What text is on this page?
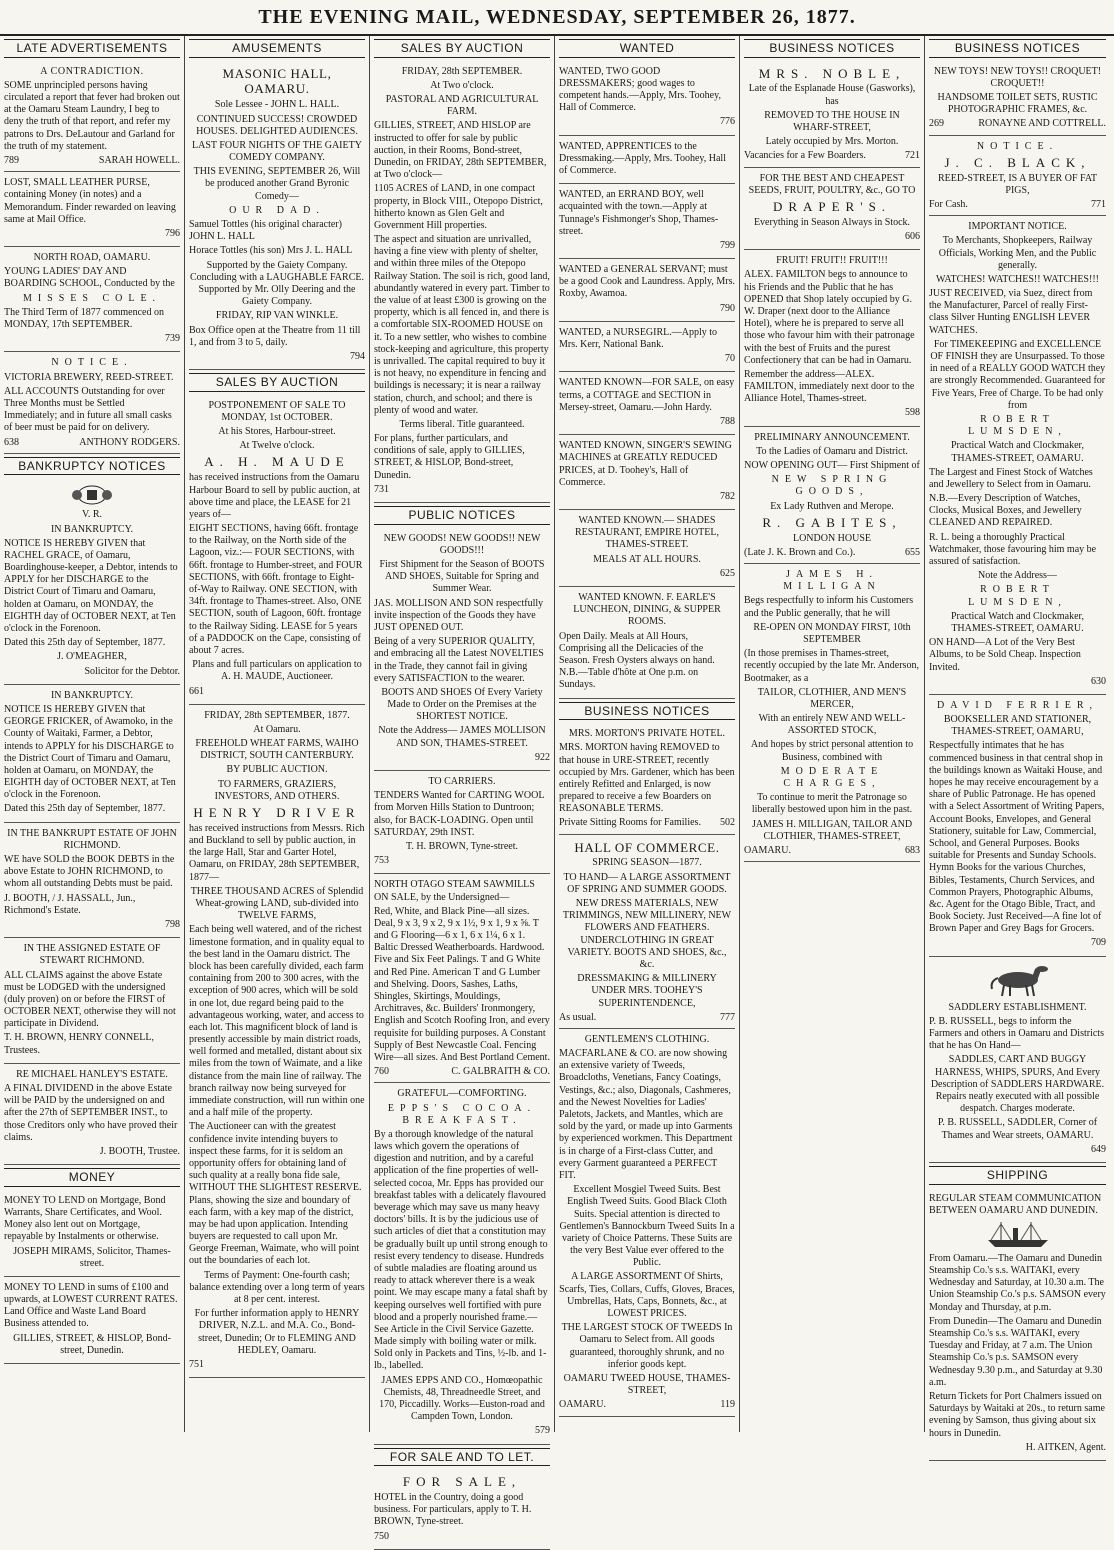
THE EVENING MAIL, WEDNESDAY, SEPTEMBER 26, 1877.
LATE ADVERTISEMENTS

A CONTRADICTION.

SOME unprincipled persons having circulated a report that fever had broken out at the Oamaru Steam Laundry, I beg to deny the truth of that report, and refer my patrons to Drs. DeLautour and Garland for the truth of my statement.

789	SARAH HOWELL.

LOST, SMALL LEATHER PURSE, containing Money (in notes) and a Memorandum. Finder rewarded on leaving same at Mail Office.

796

NORTH ROAD, OAMARU.

YOUNG LADIES' DAY AND BOARDING SCHOOL, Conducted by the

MISSES COLE.

The Third Term of 1877 commenced on MONDAY, 17th SEPTEMBER.

739

NOTICE.

VICTORIA BREWERY, REED-STREET.

ALL ACCOUNTS Outstanding for over Three Months must be Settled Immediately; and in future all small casks of beer must be paid for on delivery.

638	ANTHONY RODGERS.
BANKRUPTCY NOTICES

V. R.

IN BANKRUPTCY.

NOTICE IS HEREBY GIVEN that RACHEL GRACE, of Oamaru, Boardinghouse-keeper, a Debtor, intends to APPLY for her DISCHARGE to the District Court of Timaru and Oamaru, holden at Oamaru, on MONDAY, the EIGHTH day of OCTOBER NEXT, at Ten o'clock in the Forenoon.

Dated this 25th day of September, 1877.

J. O'MEAGHER,

Solicitor for the Debtor.

IN BANKRUPTCY.

NOTICE IS HEREBY GIVEN that GEORGE FRICKER, of Awamoko, in the County of Waitaki, Farmer, a Debtor, intends to APPLY for his DISCHARGE to the District Court of Timaru and Oamaru, holden at Oamaru, on MONDAY, the EIGHTH day of OCTOBER NEXT, at Ten o'clock in the Forenoon.

Dated this 25th day of September, 1877.

IN THE BANKRUPT ESTATE OF JOHN RICHMOND.

WE have SOLD the BOOK DEBTS in the above Estate to JOHN RICHMOND, to whom all outstanding Debts must be paid.

J. BOOTH, / J. HASSALL, Jun., Richmond's Estate.

798

IN THE ASSIGNED ESTATE OF STEWART RICHMOND.

ALL CLAIMS against the above Estate must be LODGED with the undersigned (duly proven) on or before the FIRST of OCTOBER NEXT, otherwise they will not participate in Dividend.

T. H. BROWN, HENRY CONNELL, Trustees.

RE MICHAEL HANLEY'S ESTATE.

A FINAL DIVIDEND in the above Estate will be PAID by the undersigned on and after the 27th of SEPTEMBER INST., to those Creditors only who have proved their claims.

J. BOOTH, Trustee.

MONEY

MONEY TO LEND on Mortgage, Bond Warrants, Share Certificates, and Wool. Money also lent out on Mortgage, repayable by Instalments or otherwise.

JOSEPH MIRAMS, Solicitor, Thames-street.

MONEY TO LEND in sums of £100 and upwards, at LOWEST CURRENT RATES. Land Office and Waste Land Board Business attended to.

GILLIES, STREET, & HISLOP, Bond-street, Dunedin.

AMUSEMENTS

MASONIC HALL, OAMARU.

Sole Lessee - JOHN L. HALL.

CONTINUED SUCCESS! CROWDED HOUSES. DELIGHTED AUDIENCES.

LAST FOUR NIGHTS OF THE GAIETY COMEDY COMPANY.

THIS EVENING, SEPTEMBER 26, Will be produced another Grand Byronic Comedy—

OUR DAD.

Samuel Tottles (his original character) JOHN L. HALL

Horace Tottles (his son) Mrs J. L. HALL

Supported by the Gaiety Company. Concluding with a LAUGHABLE FARCE. Supported by Mr. Olly Deering and the Gaiety Company.

FRIDAY, RIP VAN WINKLE.

Box Office open at the Theatre from 11 till 1, and from 3 to 5, daily.

794

SALES BY AUCTION

POSTPONEMENT OF SALE TO MONDAY, 1st OCTOBER.

At his Stores, Harbour-street.

At Twelve o'clock.

A. H. MAUDE

has received instructions from the Oamaru Harbour Board to sell by public auction, at above time and place, the LEASE for 21 years of—

EIGHT SECTIONS, having 66ft. frontage to the Railway, on the North side of the Lagoon, viz.:— FOUR SECTIONS, with 66ft. frontage to Humber-street, and FOUR SECTIONS, with 66ft. frontage to Eight-of-Way to Railway. ONE SECTION, with 34ft. frontage to Thames-street. Also, ONE SECTION, south of Lagoon, 60ft. frontage to the Railway Siding. LEASE for 5 years of a PADDOCK on the Cape, consisting of about 7 acres.

Plans and full particulars on application to A. H. MAUDE, Auctioneer.

661

FRIDAY, 28th SEPTEMBER, 1877.

At Oamaru.

FREEHOLD WHEAT FARMS, WAIHO DISTRICT, SOUTH CANTERBURY.

BY PUBLIC AUCTION.

TO FARMERS, GRAZIERS, INVESTORS, AND OTHERS.

HENRY DRIVER

has received instructions from Messrs. Rich and Buckland to sell by public auction, in the large Hall, Star and Garter Hotel, Oamaru, on FRIDAY, 28th SEPTEMBER, 1877—

THREE THOUSAND ACRES of Splendid Wheat-growing LAND, sub-divided into TWELVE FARMS,

Each being well watered, and of the richest limestone formation, and in quality equal to the best land in the Oamaru district. The block has been carefully divided, each farm containing from 200 to 300 acres, with the exception of 900 acres, which will be sold in one lot, due regard being paid to the advantageous working, water, and access to each lot. This magnificent block of land is presently accessible by main district roads, well formed and metalled, distant about six miles from the town of Waimate, and a like distance from the main line of railway. The branch railway now being surveyed for immediate construction, will run within one and a half mile of the property.

The Auctioneer can with the greatest confidence invite intending buyers to inspect these farms, for it is seldom an opportunity offers for obtaining land of such quality at a really bona fide sale, WITHOUT THE SLIGHTEST RESERVE. Plans, showing the size and boundary of each farm, with a key map of the district, may be had upon application. Intending buyers are requested to call upon Mr. George Freeman, Waimate, who will point out the boundaries of each lot.

Terms of Payment: One-fourth cash; balance extending over a long term of years at 8 per cent. interest.

For further information apply to HENRY DRIVER, N.Z.L. and M.A. Co., Bond-street, Dunedin; Or to FLEMING AND HEDLEY, Oamaru.

751

SALES BY AUCTION

FRIDAY, 28th SEPTEMBER.

At Two o'clock.

PASTORAL AND AGRICULTURAL FARM.

GILLIES, STREET, AND HISLOP are instructed to offer for sale by public auction, in their Rooms, Bond-street, Dunedin, on FRIDAY, 28th SEPTEMBER, at Two o'clock—

1105 ACRES of LAND, in one compact property, in Block VIII., Otepopo District, hitherto known as Glen Gelt and Government Hill properties.

The aspect and situation are unrivalled, having a fine view with plenty of shelter, and within three miles of the Otepopo Railway Station. The soil is rich, good land, abundantly watered in every part. Timber to the value of at least £300 is growing on the property, which is all fenced in, and there is a comfortable SIX-ROOMED HOUSE on it. To a new settler, who wishes to combine stock-keeping and agriculture, this property is unrivalled. The capital required to buy it is not heavy, no expenditure in fencing and buildings is necessary; it is near a railway station, church, and school; and there is plenty of wood and water.

Terms liberal. Title guaranteed.

For plans, further particulars, and conditions of sale, apply to GILLIES, STREET, & HISLOP, Bond-street, Dunedin.

731

PUBLIC NOTICES

NEW GOODS! NEW GOODS!! NEW GOODS!!!

First Shipment for the Season of BOOTS AND SHOES, Suitable for Spring and Summer Wear.

JAS. MOLLISON AND SON respectfully invite inspection of the Goods they have JUST OPENED OUT.

Being of a very SUPERIOR QUALITY, and embracing all the Latest NOVELTIES in the Trade, they cannot fail in giving every SATISFACTION to the wearer.

BOOTS AND SHOES Of Every Variety Made to Order on the Premises at the SHORTEST NOTICE.

Note the Address— JAMES MOLLISON AND SON, THAMES-STREET.

922

TO CARRIERS.

TENDERS Wanted for CARTING WOOL from Morven Hills Station to Duntroon; also, for BACK-LOADING. Open until SATURDAY, 29th INST.

T. H. BROWN, Tyne-street.

753

NORTH OTAGO STEAM SAWMILLS ON SALE, by the Undersigned—

Red, White, and Black Pine—all sizes. Deal, 9 x 3, 9 x 2, 9 x 1½, 9 x 1, 9 x ⅝. T and G Flooring—6 x 1, 6 x 1¼, 6 x 1. Baltic Dressed Weatherboards. Hardwood. Five and Six Feet Palings. T and G White and Red Pine. American T and G Lumber and Shelving. Doors, Sashes, Laths, Shingles, Skirtings, Mouldings, Architraves, &c. Builders' Ironmongery, English and Scotch Roofing Iron, and every requisite for building purposes. A Constant Supply of Best Newcastle Coal. Fencing Wire—all sizes. And Best Portland Cement.

760	C. GALBRAITH & CO.

GRATEFUL—COMFORTING.

EPPS'S COCOA. BREAKFAST.

By a thorough knowledge of the natural laws which govern the operations of digestion and nutrition, and by a careful application of the fine properties of well-selected cocoa, Mr. Epps has provided our breakfast tables with a delicately flavoured beverage which may save us many heavy doctors' bills. It is by the judicious use of such articles of diet that a constitution may be gradually built up until strong enough to resist every tendency to disease. Hundreds of subtle maladies are floating around us ready to attack wherever there is a weak point. We may escape many a fatal shaft by keeping ourselves well fortified with pure blood and a properly nourished frame.—See Article in the Civil Service Gazette. Made simply with boiling water or milk. Sold only in Packets and Tins, ½-lb. and 1-lb., labelled.

JAMES EPPS AND CO., Homœopathic Chemists, 48, Threadneedle Street, and 170, Piccadilly. Works—Euston-road and Campden Town, London.

579

FOR SALE AND TO LET.

FOR SALE,

HOTEL in the Country, doing a good business. For particulars, apply to T. H. BROWN, Tyne-street.

750

WANTED

WANTED, TWO GOOD DRESSMAKERS; good wages to competent hands.—Apply, Mrs. Toohey, Hall of Commerce.

776

WANTED, APPRENTICES to the Dressmaking.—Apply, Mrs. Toohey, Hall of Commerce.

WANTED, an ERRAND BOY, well acquainted with the town.—Apply at Tunnage's Fishmonger's Shop, Thames-street.

799

WANTED a GENERAL SERVANT; must be a good Cook and Laundress. Apply, Mrs. Roxby, Awamoa.

790

WANTED, a NURSEGIRL.—Apply to Mrs. Kerr, National Bank.

70

WANTED KNOWN—FOR SALE, on easy terms, a COTTAGE and SECTION in Mersey-street, Oamaru.—John Hardy.

788

WANTED KNOWN, SINGER'S SEWING MACHINES at GREATLY REDUCED PRICES, at D. Toohey's, Hall of Commerce.

782

WANTED KNOWN.— SHADES RESTAURANT, EMPIRE HOTEL, THAMES-STREET.

MEALS AT ALL HOURS.

625

WANTED KNOWN. F. EARLE'S LUNCHEON, DINING, & SUPPER ROOMS.

Open Daily. Meals at All Hours, Comprising all the Delicacies of the Season. Fresh Oysters always on hand. N.B.—Table d'hôte at One p.m. on Sundays.

BUSINESS NOTICES

MRS. MORTON'S PRIVATE HOTEL.

MRS. MORTON having REMOVED to that house in URE-STREET, recently occupied by Mrs. Gardener, which has been entirely Refitted and Enlarged, is now prepared to receive a few Boarders on REASONABLE TERMS.

Private Sitting Rooms for Families. 502

HALL OF COMMERCE.

SPRING SEASON—1877.

TO HAND— A LARGE ASSORTMENT OF SPRING AND SUMMER GOODS.

NEW DRESS MATERIALS, NEW TRIMMINGS, NEW MILLINERY, NEW FLOWERS AND FEATHERS. UNDERCLOTHING IN GREAT VARIETY. BOOTS AND SHOES, &c., &c.

DRESSMAKING & MILLINERY UNDER MRS. TOOHEY'S SUPERINTENDENCE,

As usual.	777

GENTLEMEN'S CLOTHING.

MACFARLANE & CO. are now showing an extensive variety of Tweeds, Broadcloths, Venetians, Fancy Coatings, Vestings, &c.; also, Diagonals, Cashmeres, and the Newest Novelties for Ladies' Paletots, Jackets, and Mantles, which are sold by the yard, or made up into Garments by experienced workmen. This Department is in charge of a First-class Cutter, and every Garment guaranteed a PERFECT FIT.

Excellent Mosgiel Tweed Suits. Best English Tweed Suits. Good Black Cloth Suits. Special attention is directed to Gentlemen's Bannockburn Tweed Suits In a variety of Choice Patterns. These Suits are the very Best Value ever offered to the Public.

A LARGE ASSORTMENT Of Shirts, Scarfs, Ties, Collars, Cuffs, Gloves, Braces, Umbrellas, Hats, Caps, Bonnets, &c., at LOWEST PRICES.

THE LARGEST STOCK OF TWEEDS In Oamaru to Select from. All goods guaranteed, thoroughly shrunk, and no inferior goods kept.

OAMARU TWEED HOUSE, THAMES-STREET,

OAMARU.	119
BUSINESS NOTICES

MRS. NOBLE,

Late of the Esplanade House (Gasworks), has

REMOVED TO THE HOUSE IN WHARF-STREET,

Lately occupied by Mrs. Morton.

Vacancies for a Few Boarders.	721

FOR THE BEST AND CHEAPEST SEEDS, FRUIT, POULTRY, &c., GO TO

DRAPER'S.

Everything in Season Always in Stock.

606

FRUIT! FRUIT!! FRUIT!!!

ALEX. FAMILTON begs to announce to his Friends and the Public that he has OPENED that Shop lately occupied by G. W. Draper (next door to the Alliance Hotel), where he is prepared to serve all those who favour him with their patronage with the best of Fruits and the purest Confectionery that can be had in Oamaru.

Remember the address—ALEX. FAMILTON, immediately next door to the Alliance Hotel, Thames-street.

598

PRELIMINARY ANNOUNCEMENT.

To the Ladies of Oamaru and District.

NOW OPENING OUT— First Shipment of

NEW SPRING GOODS,

Ex Lady Ruthven and Merope.

R. GABITES,

LONDON HOUSE

(Late J. K. Brown and Co.).	655

JAMES H. MILLIGAN

Begs respectfully to inform his Customers and the Public generally, that he will

RE-OPEN ON MONDAY FIRST, 10th SEPTEMBER

(In those premises in Thames-street, recently occupied by the late Mr. Anderson, Bootmaker, as a

TAILOR, CLOTHIER, AND MEN'S MERCER,

With an entirely NEW AND WELL-ASSORTED STOCK,

And hopes by strict personal attention to Business, combined with

MODERATE CHARGES,

To continue to merit the Patronage so liberally bestowed upon him in the past.

JAMES H. MILLIGAN, TAILOR AND CLOTHIER, THAMES-STREET,

OAMARU.	683
BUSINESS NOTICES

NEW TOYS! NEW TOYS!! CROQUET! CROQUET!!

HANDSOME TOILET SETS, RUSTIC PHOTOGRAPHIC FRAMES, &c.

269	RONAYNE AND COTTRELL.

NOTICE.

J. C. BLACK,

REED-STREET, IS A BUYER OF FAT PIGS,

For Cash.	771

IMPORTANT NOTICE.

To Merchants, Shopkeepers, Railway Officials, Working Men, and the Public generally.

WATCHES! WATCHES!! WATCHES!!!

JUST RECEIVED, via Suez, direct from the Manufacturer, Parcel of really First-class Silver Hunting ENGLISH LEVER WATCHES.

For TIMEKEEPING and EXCELLENCE OF FINISH they are Unsurpassed. To those in need of a REALLY GOOD WATCH they are strongly Recommended. Guaranteed for Five Years, Free of Charge. To be had only from

ROBERT LUMSDEN,

Practical Watch and Clockmaker, THAMES-STREET, OAMARU.

The Largest and Finest Stock of Watches and Jewellery to Select from in Oamaru.

N.B.—Every Description of Watches, Clocks, Musical Boxes, and Jewellery CLEANED AND REPAIRED.

R. L. being a thoroughly Practical Watchmaker, those favouring him may be assured of satisfaction.

Note the Address—

ROBERT LUMSDEN,

Practical Watch and Clockmaker, THAMES-STREET, OAMARU.

ON HAND—A Lot of the Very Best Albums, to be Sold Cheap. Inspection Invited.

630

DAVID FERRIER,

BOOKSELLER AND STATIONER, THAMES-STREET, OAMARU,

Respectfully intimates that he has commenced business in that central shop in the buildings known as Waitaki House, and hopes he may receive encouragement by a share of Public Patronage. He has opened with a Select Assortment of Writing Papers, Account Books, Envelopes, and General Stationery, suitable for Law, Commercial, School, and General Purposes. Books suitable for Presents and Sunday Schools. Hymn Books for the various Churches, Bibles, Testaments, Church Services, and Common Prayers, Photographic Albums, &c. Agent for the Otago Bible, Tract, and Book Society. Just Received—A fine lot of Brown Paper and Grey Bags for Grocers.

709

SADDLERY ESTABLISHMENT.

P. B. RUSSELL, begs to inform the Farmers and others in Oamaru and Districts that he has On Hand—

SADDLES, CART AND BUGGY HARNESS, WHIPS, SPURS, And Every Description of SADDLERS HARDWARE. Repairs neatly executed with all possible despatch. Charges moderate.

P. B. RUSSELL, SADDLER, Corner of Thames and Wear streets, OAMARU.

649

SHIPPING

REGULAR STEAM COMMUNICATION BETWEEN OAMARU AND DUNEDIN.

From Oamaru.—The Oamaru and Dunedin Steamship Co.'s s.s. WAITAKI, every Wednesday and Saturday, at 10.30 a.m. The Union Steamship Co.'s p.s. SAMSON every Monday and Thursday, at p.m.

From Dunedin—The Oamaru and Dunedin Steamship Co.'s s.s. WAITAKI, every Tuesday and Friday, at 7 a.m. The Union Steamship Co.'s p.s. SAMSON every Wednesday 9.30 p.m., and Saturday at 9.30 a.m.

Return Tickets for Port Chalmers issued on Saturdays by Waitaki at 20s., to return same evening by Samson, thus giving about six hours in Dunedin.

H. AITKEN, Agent.
